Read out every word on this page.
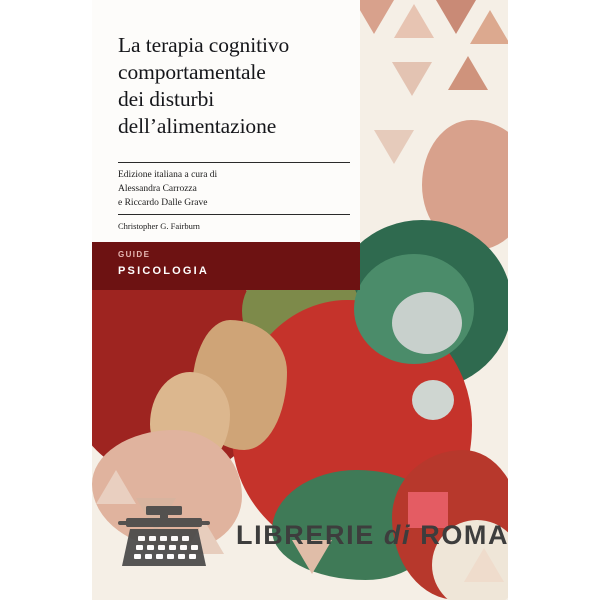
La terapia cognitivo
comportamentale
dei disturbi
dell’alimentazione
Edizione italiana a cura di
Alessandra Carrozza
e Riccardo Dalle Grave
Christopher G. Fairburn
GUIDE
PSICOLOGIA
LIBRERIE di ROMA
